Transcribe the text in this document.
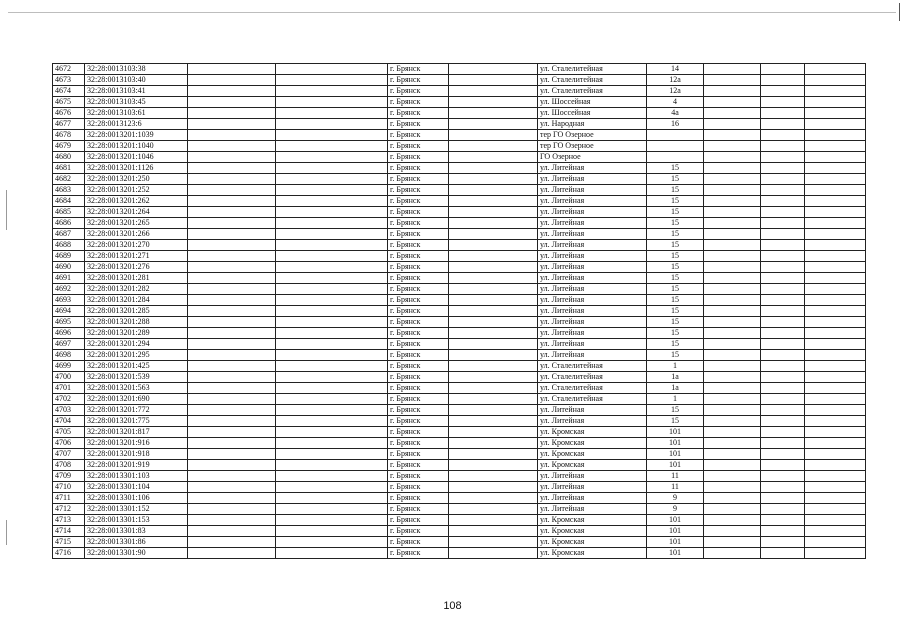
4672	32:28:0013103:38			г. Брянск		ул. Сталелитейная	14			
4673	32:28:0013103:40			г. Брянск		ул. Сталелитейная	12а			
4674	32:28:0013103:41			г. Брянск		ул. Сталелитейная	12а			
4675	32:28:0013103:45			г. Брянск		ул. Шоссейная	4			
4676	32:28:0013103:61			г. Брянск		ул. Шоссейная	4а			
4677	32:28:0013123:6			г. Брянск		ул. Народная	16			
4678	32:28:0013201:1039			г. Брянск		тер ГО Озерное				
4679	32:28:0013201:1040			г. Брянск		тер ГО Озерное				
4680	32:28:0013201:1046			г. Брянск		ГО Озерное				
4681	32:28:0013201:1126			г. Брянск		ул. Литейная	15			
4682	32:28:0013201:250			г. Брянск		ул. Литейная	15			
4683	32:28:0013201:252			г. Брянск		ул. Литейная	15			
4684	32:28:0013201:262			г. Брянск		ул. Литейная	15			
4685	32:28:0013201:264			г. Брянск		ул. Литейная	15			
4686	32:28:0013201:265			г. Брянск		ул. Литейная	15			
4687	32:28:0013201:266			г. Брянск		ул. Литейная	15			
4688	32:28:0013201:270			г. Брянск		ул. Литейная	15			
4689	32:28:0013201:271			г. Брянск		ул. Литейная	15			
4690	32:28:0013201:276			г. Брянск		ул. Литейная	15			
4691	32:28:0013201:281			г. Брянск		ул. Литейная	15			
4692	32:28:0013201:282			г. Брянск		ул. Литейная	15			
4693	32:28:0013201:284			г. Брянск		ул. Литейная	15			
4694	32:28:0013201:285			г. Брянск		ул. Литейная	15			
4695	32:28:0013201:288			г. Брянск		ул. Литейная	15			
4696	32:28:0013201:289			г. Брянск		ул. Литейная	15			
4697	32:28:0013201:294			г. Брянск		ул. Литейная	15			
4698	32:28:0013201:295			г. Брянск		ул. Литейная	15			
4699	32:28:0013201:425			г. Брянск		ул. Сталелитейная	1			
4700	32:28:0013201:539			г. Брянск		ул. Сталелитейная	1а			
4701	32:28:0013201:563			г. Брянск		ул. Сталелитейная	1а			
4702	32:28:0013201:690			г. Брянск		ул. Сталелитейная	1			
4703	32:28:0013201:772			г. Брянск		ул. Литейная	15			
4704	32:28:0013201:775			г. Брянск		ул. Литейная	15			
4705	32:28:0013201:817			г. Брянск		ул. Кромская	101			
4706	32:28:0013201:916			г. Брянск		ул. Кромская	101			
4707	32:28:0013201:918			г. Брянск		ул. Кромская	101			
4708	32:28:0013201:919			г. Брянск		ул. Кромская	101			
4709	32:28:0013301:103			г. Брянск		ул. Литейная	11			
4710	32:28:0013301:104			г. Брянск		ул. Литейная	11			
4711	32:28:0013301:106			г. Брянск		ул. Литейная	9			
4712	32:28:0013301:152			г. Брянск		ул. Литейная	9			
4713	32:28:0013301:153			г. Брянск		ул. Кромская	101			
4714	32:28:0013301:83			г. Брянск		ул. Кромская	101			
4715	32:28:0013301:86			г. Брянск		ул. Кромская	101			
4716	32:28:0013301:90			г. Брянск		ул. Кромская	101			
108
